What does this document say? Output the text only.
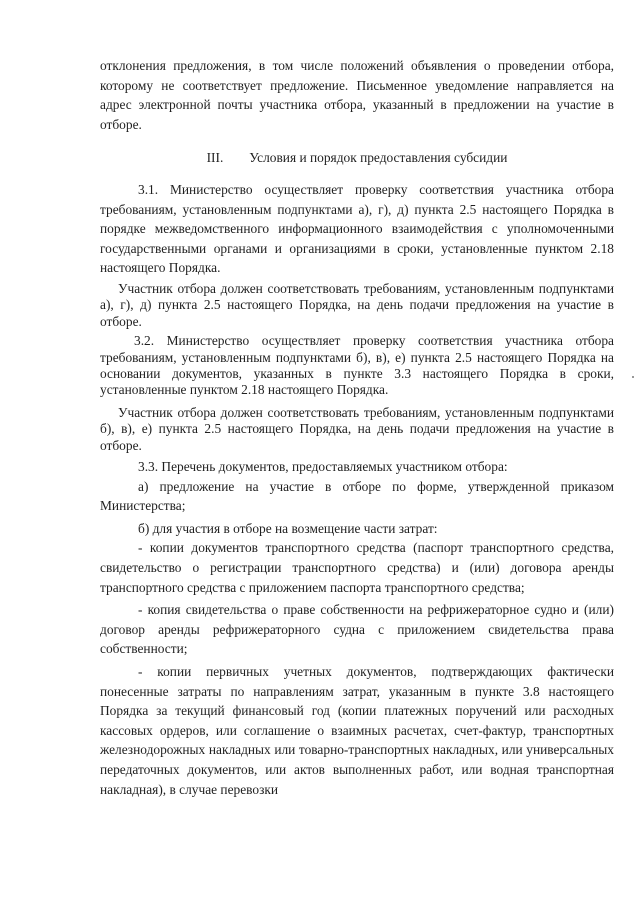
отклонения предложения, в том числе положений объявления о проведении отбора, которому не соответствует предложение. Письменное уведомление направляется на адрес электронной почты участника отбора, указанный в предложении на участие в отборе.

III. Условия и порядок предоставления субсидии

3.1. Министерство осуществляет проверку соответствия участника отбора требованиям, установленным подпунктами а), г), д) пункта 2.5 настоящего Порядка в порядке межведомственного информационного взаимодействия с уполномоченными государственными органами и организациями в сроки, установленные пунктом 2.18 настоящего Порядка.

Участник отбора должен соответствовать требованиям, установленным подпунктами а), г), д) пункта 2.5 настоящего Порядка, на день подачи предложения на участие в отборе.

3.2. Министерство осуществляет проверку соответствия участника отбора требованиям, установленным подпунктами б), в), е) пункта 2.5 настоящего Порядка на основании документов, указанных в пункте 3.3 настоящего Порядка в сроки, установленные пунктом 2.18 настоящего Порядка.

Участник отбора должен соответствовать требованиям, установленным подпунктами б), в), е) пункта 2.5 настоящего Порядка, на день подачи предложения на участие в отборе.

3.3. Перечень документов, предоставляемых участником отбора:

а) предложение на участие в отборе по форме, утвержденной приказом Министерства;

б) для участия в отборе на возмещение части затрат:

- копии документов транспортного средства (паспорт транспортного средства, свидетельство о регистрации транспортного средства) и (или) договора аренды транспортного средства с приложением паспорта транспортного средства;

- копия свидетельства о праве собственности на рефрижераторное судно и (или) договор аренды рефрижераторного судна с приложением свидетельства права собственности;

- копии первичных учетных документов, подтверждающих фактически понесенные затраты по направлениям затрат, указанным в пункте 3.8 настоящего Порядка за текущий финансовый год (копии платежных поручений или расходных кассовых ордеров, или соглашение о взаимных расчетах, счет-фактур, транспортных железнодорожных накладных или товарно-транспортных накладных, или универсальных передаточных документов, или актов выполненных работ, или водная транспортная накладная), в случае перевозки
